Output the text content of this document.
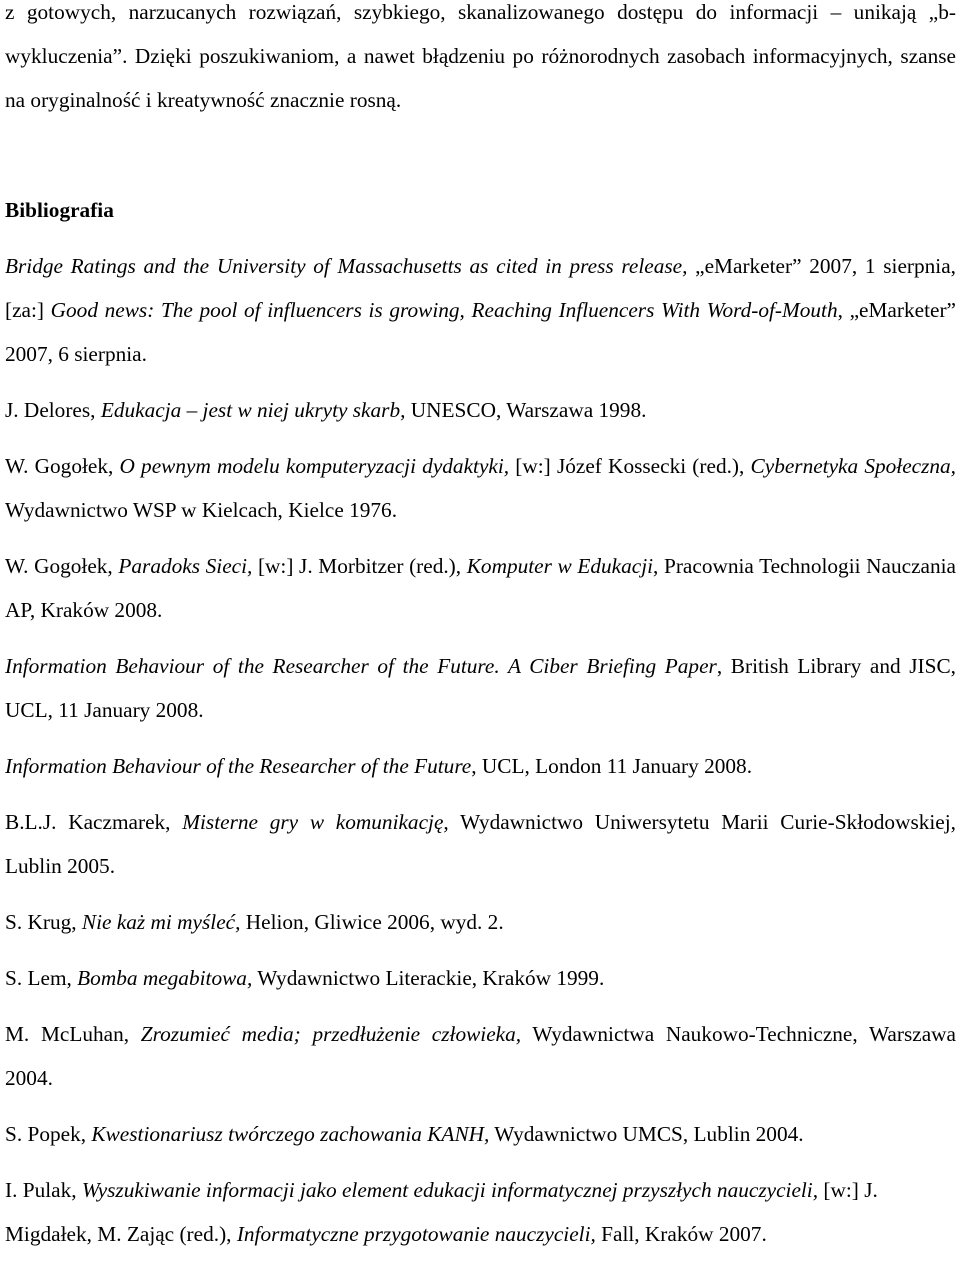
z gotowych, narzucanych rozwiązań, szybkiego, skanalizowanego dostępu do informacji – unikają „b-wykluczenia”. Dzięki poszukiwaniom, a nawet błądzeniu po różnorodnych zasobach informacyjnych, szanse na oryginalność i kreatywność znacznie rosną.

Bibliografia

Bridge Ratings and the University of Massachusetts as cited in press release, „eMarketer” 2007, 1 sierpnia, [za:] Good news: The pool of influencers is growing, Reaching Influencers With Word-of-Mouth, „eMarketer” 2007, 6 sierpnia.

J. Delores, Edukacja – jest w niej ukryty skarb, UNESCO, Warszawa 1998.

W. Gogołek, O pewnym modelu komputeryzacji dydaktyki, [w:] Józef Kossecki (red.), Cybernetyka Społeczna, Wydawnictwo WSP w Kielcach, Kielce 1976.

W. Gogołek, Paradoks Sieci, [w:] J. Morbitzer (red.), Komputer w Edukacji, Pracownia Technologii Nauczania AP, Kraków 2008.

Information Behaviour of the Researcher of the Future. A Ciber Briefing Paper, British Library and JISC, UCL, 11 January 2008.

Information Behaviour of the Researcher of the Future, UCL, London 11 January 2008.

B.L.J. Kaczmarek, Misterne gry w komunikację, Wydawnictwo Uniwersytetu Marii Curie-Skłodowskiej, Lublin 2005.

S. Krug, Nie każ mi myśleć, Helion, Gliwice 2006, wyd. 2.

S. Lem, Bomba megabitowa, Wydawnictwo Literackie, Kraków 1999.

M. McLuhan, Zrozumieć media; przedłużenie człowieka, Wydawnictwa Naukowo-Techniczne, Warszawa 2004.

S. Popek, Kwestionariusz twórczego zachowania KANH, Wydawnictwo UMCS, Lublin 2004.

I. Pulak, Wyszukiwanie informacji jako element edukacji informatycznej przyszłych nauczycieli, [w:] J. Migdałek, M. Zając (red.), Informatyczne przygotowanie nauczycieli, Fall, Kraków 2007.
